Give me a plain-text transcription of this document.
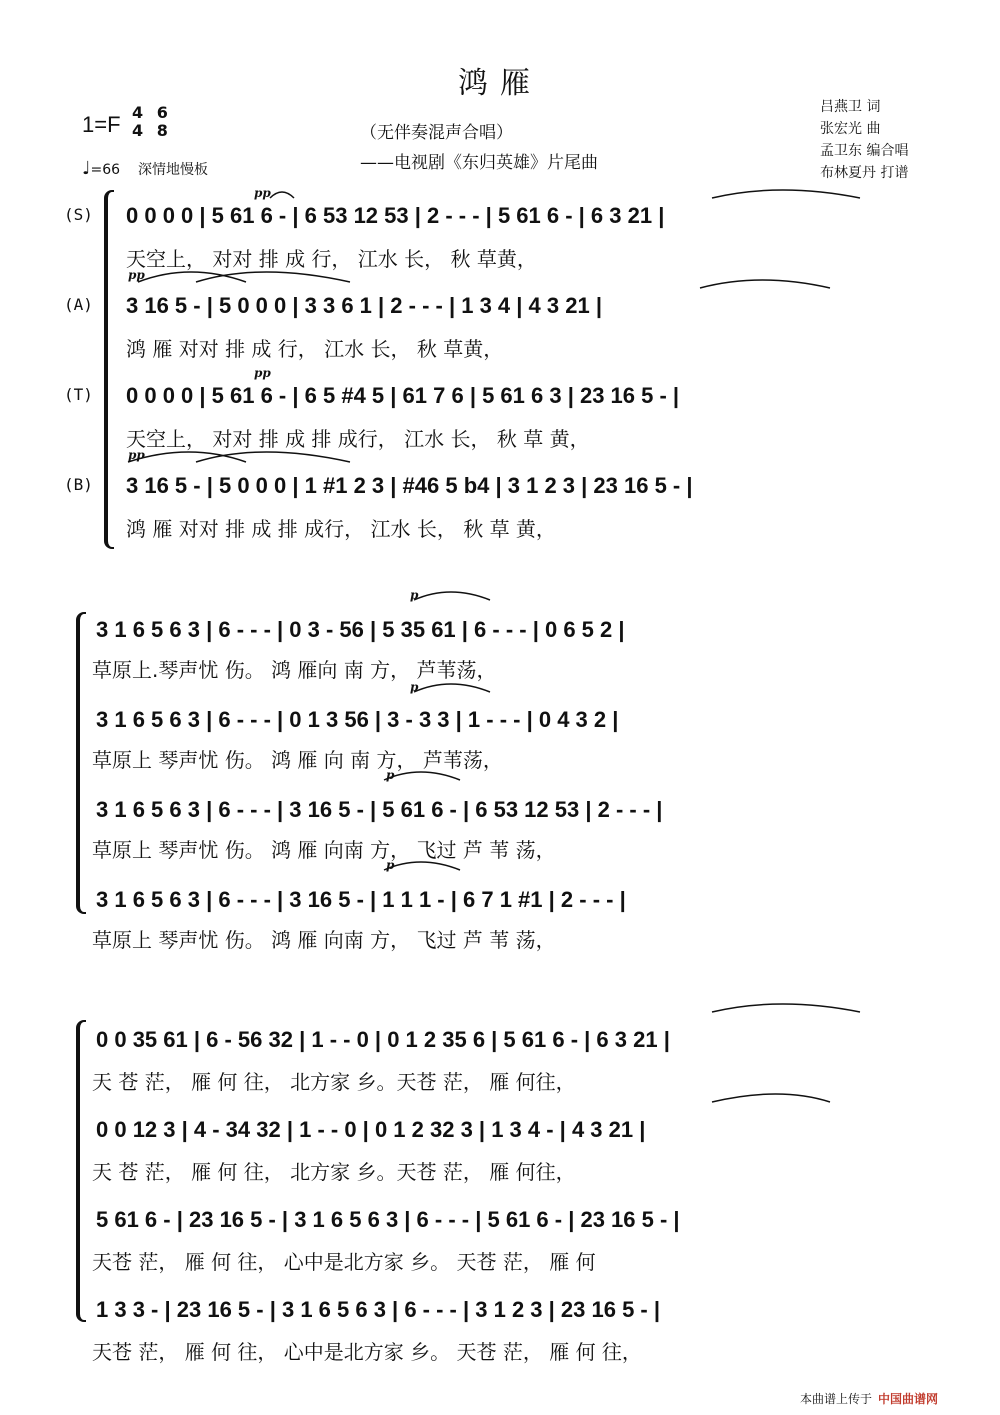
鸿雁
（无伴奏混声合唱）
——电视剧《东归英雄》片尾曲
1=F 4
4

6
8
♩=66 深情地慢板
吕燕卫 词
张宏光 曲
孟卫东 编合唱
布林夏丹 打谱
(S)
(A)
(T)
(B)
0 0 0 0 | 5 61 6 - | 6 53 12 53 | 2 - - - | 5 61 6 - | 6 3 21 |
天空上， 对对 排 成 行， 江水 长， 秋 草黄，
3 16 5 - | 5 0 0 0 | 3 3 6 1 | 2 - - - | 1 3 4 | 4 3 21 |
鸿 雁 对对 排 成 行， 江水 长， 秋 草黄，
0 0 0 0 | 5 61 6 - | 6 5 #4 5 | 61 7 6 | 5 61 6 3 | 23 16 5 - |
天空上， 对对 排 成 排 成行， 江水 长， 秋 草 黄，
3 16 5 - | 5 0 0 0 | 1 #1 2 3 | #46 5 b4 | 3 1 2 3 | 23 16 5 - |
鸿 雁 对对 排 成 排 成行， 江水 长， 秋 草 黄，
3 1 6 5 6 3 | 6 - - - | 0 3 - 56 | 5 35 61 | 6 - - - | 0 6 5 2 |
草原上.琴声忧 伤。 鸿 雁向 南 方， 芦苇荡，
3 1 6 5 6 3 | 6 - - - | 0 1 3 56 | 3 - 3 3 | 1 - - - | 0 4 3 2 |
草原上 琴声忧 伤。 鸿 雁 向 南 方， 芦苇荡，
3 1 6 5 6 3 | 6 - - - | 3 16 5 - | 5 61 6 - | 6 53 12 53 | 2 - - - |
草原上 琴声忧 伤。 鸿 雁 向南 方， 飞过 芦 苇 荡，
3 1 6 5 6 3 | 6 - - - | 3 16 5 - | 1 1 1 - | 6 7 1 #1 | 2 - - - |
草原上 琴声忧 伤。 鸿 雁 向南 方， 飞过 芦 苇 荡，
0 0 35 61 | 6 - 56 32 | 1 - - 0 | 0 1 2 35 6 | 5 61 6 - | 6 3 21 |
天 苍 茫， 雁 何 往， 北方家 乡。天苍 茫， 雁 何往，
0 0 12 3 | 4 - 34 32 | 1 - - 0 | 0 1 2 32 3 | 1 3 4 - | 4 3 21 |
天 苍 茫， 雁 何 往， 北方家 乡。天苍 茫， 雁 何往，
5 61 6 - | 23 16 5 - | 3 1 6 5 6 3 | 6 - - - | 5 61 6 - | 23 16 5 - |
天苍 茫， 雁 何 往， 心中是北方家 乡。 天苍 茫， 雁 何
1 3 3 - | 23 16 5 - | 3 1 6 5 6 3 | 6 - - - | 3 1 2 3 | 23 16 5 - |
天苍 茫， 雁 何 往， 心中是北方家 乡。 天苍 茫， 雁 何 往，
pp
pp
pp
pp
p
p
p
p
本曲谱上传于 中国曲谱网
